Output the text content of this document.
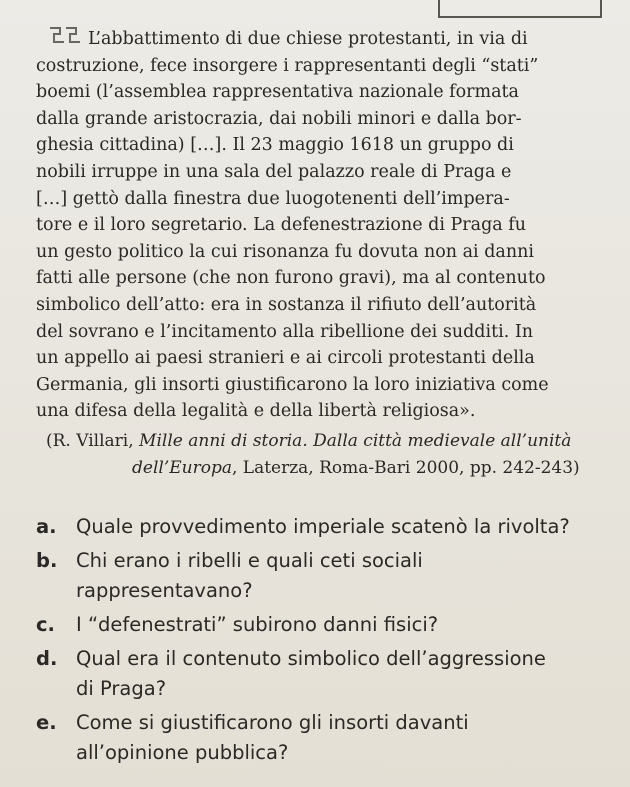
L’abbattimento di due chiese protestanti, in via di
costruzione, fece insorgere i rappresentanti degli “stati”
boemi (l’assemblea rappresentativa nazionale formata
dalla grande aristocrazia, dai nobili minori e dalla bor-
ghesia cittadina) […]. Il 23 maggio 1618 un gruppo di
nobili irruppe in una sala del palazzo reale di Praga e
[…] gettò dalla finestra due luogotenenti dell’impera-
tore e il loro segretario. La defenestrazione di Praga fu
un gesto politico la cui risonanza fu dovuta non ai danni
fatti alle persone (che non furono gravi), ma al contenuto
simbolico dell’atto: era in sostanza il rifiuto dell’autorità
del sovrano e l’incitamento alla ribellione dei sudditi. In
un appello ai paesi stranieri e ai circoli protestanti della
Germania, gli insorti giustificarono la loro iniziativa come
una difesa della legalità e della libertà religiosa».
(R. Villari, Mille anni di storia. Dalla città medievale all’unità
dell’Europa, Laterza, Roma-Bari 2000, pp. 242-243)
a. Quale provvedimento imperiale scatenò la rivolta?
b. Chi erano i ribelli e quali ceti sociali
rappresentavano?
c. I “defenestrati” subirono danni fisici?
d. Qual era il contenuto simbolico dell’aggressione
di Praga?
e. Come si giustificarono gli insorti davanti
all’opinione pubblica?
